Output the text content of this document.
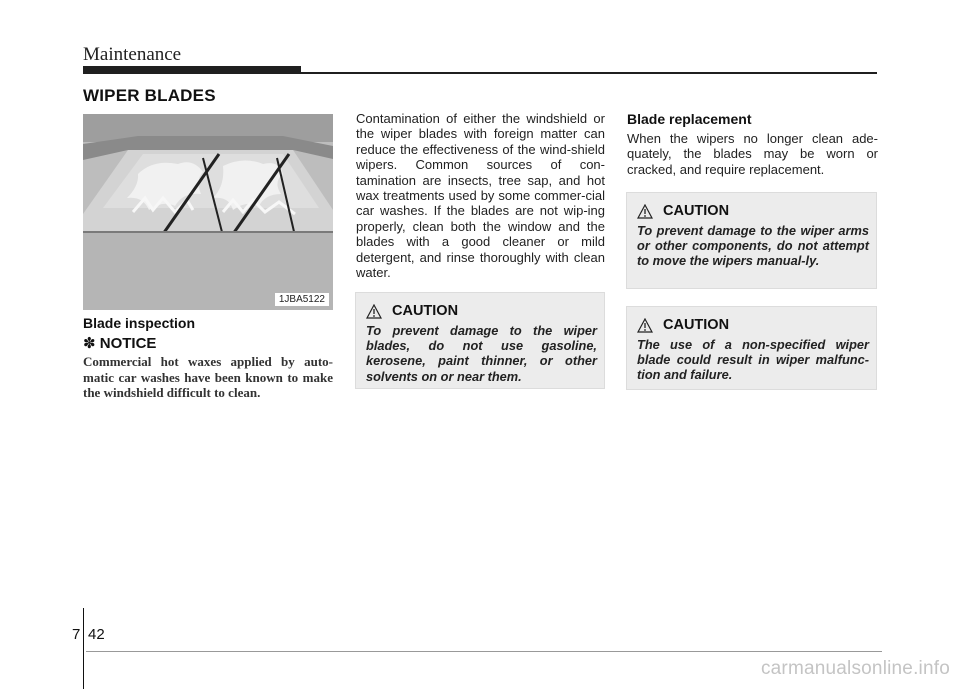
Maintenance
WIPER BLADES
1JBA5122
Blade inspection
✽ NOTICE
Commercial hot waxes applied by auto-matic car washes have been known to make the windshield difficult to clean.
Contamination of either the windshield or the wiper blades with foreign matter can reduce the effectiveness of the wind-shield wipers. Common sources of con-tamination are insects, tree sap, and hot wax treatments used by some commer-cial car washes. If the blades are not wip-ing properly, clean both the window and the blades with a good cleaner or mild detergent, and rinse thoroughly with clean water.
CAUTION
To prevent damage to the wiper blades, do not use gasoline, kerosene, paint thinner, or other solvents on or near them.
Blade replacement
When the wipers no longer clean ade-quately, the blades may be worn or cracked, and require replacement.
CAUTION
To prevent damage to the wiper arms or other components, do not attempt to move the wipers manual-ly.
CAUTION
The use of a non-specified wiper blade could result in wiper malfunc-tion and failure.
7 42
carmanualsonline.info
